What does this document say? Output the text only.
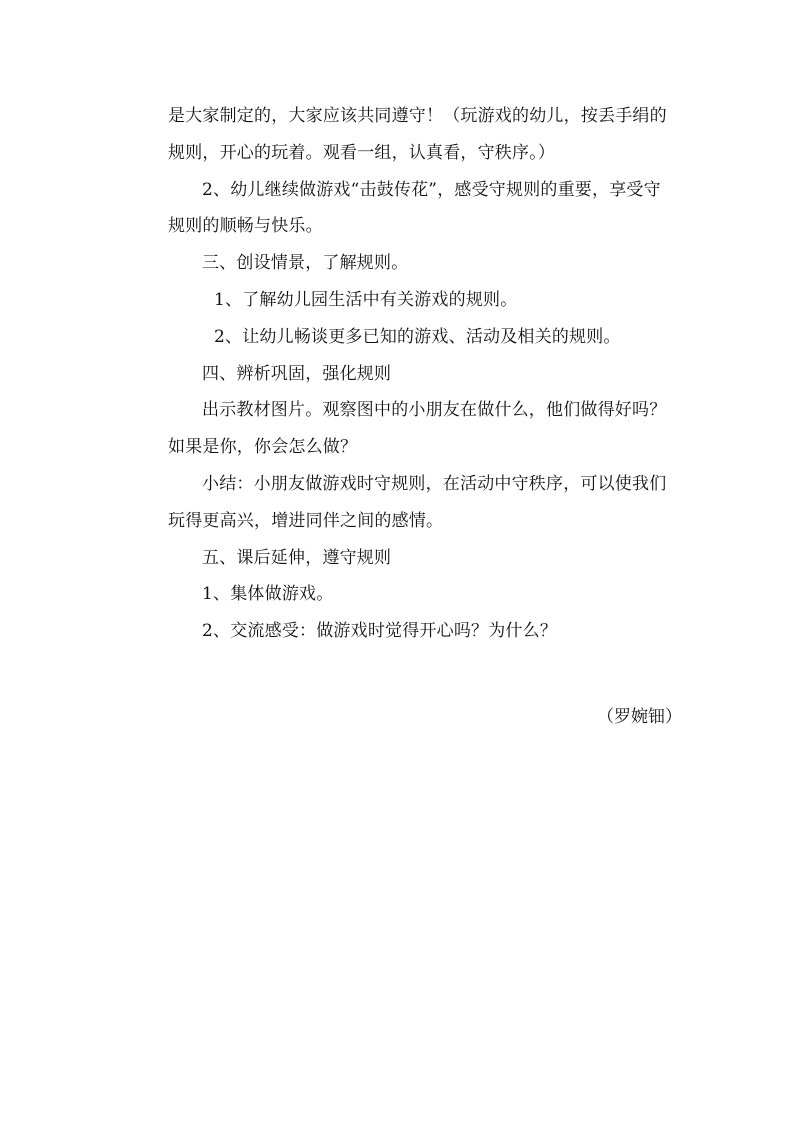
是大家制定的，大家应该共同遵守！（玩游戏的幼儿，按丢手绢的

规则，开心的玩着。观看一组，认真看，守秩序。）

2、幼儿继续做游戏“击鼓传花”，感受守规则的重要，享受守

规则的顺畅与快乐。

三、创设情景，了解规则。

1、了解幼儿园生活中有关游戏的规则。

2、让幼儿畅谈更多已知的游戏、活动及相关的规则。

四、辨析巩固，强化规则

出示教材图片。观察图中的小朋友在做什么，他们做得好吗？

如果是你，你会怎么做？

小结：小朋友做游戏时守规则，在活动中守秩序，可以使我们

玩得更高兴，增进同伴之间的感情。

五、课后延伸，遵守规则

1、集体做游戏。

2、交流感受：做游戏时觉得开心吗？为什么？

（罗婉钿）
